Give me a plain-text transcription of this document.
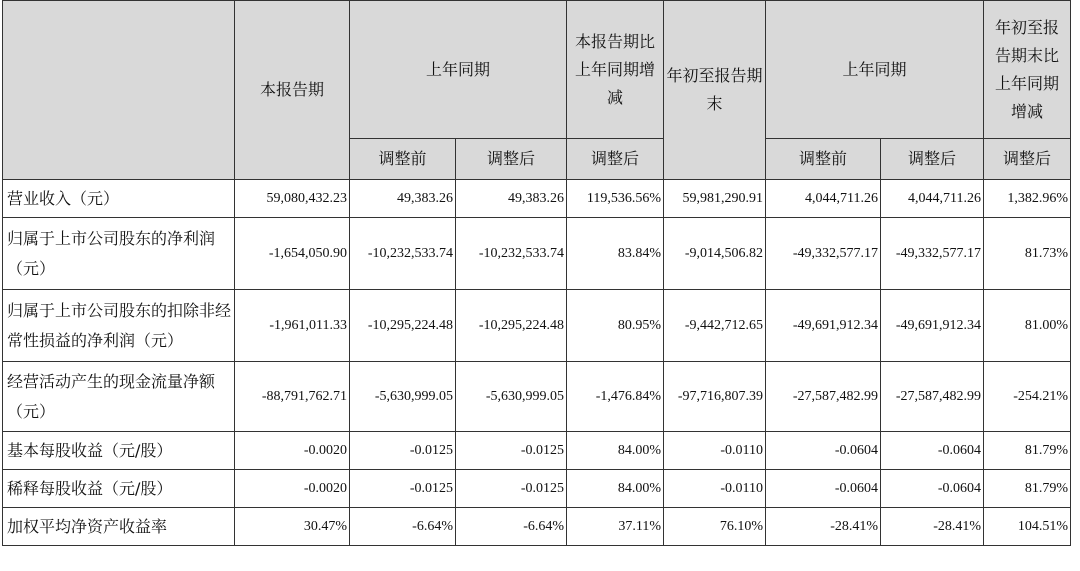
	本报告期	上年同期		本报告期比上年同期增减	年初至报告期末	上年同期		年初至报告期末比上年同期增减
		调整前	调整后	调整后		调整前	调整后	调整后
营业收入（元）	59,080,432.23	49,383.26	49,383.26	119,536.56%	59,981,290.91	4,044,711.26	4,044,711.26	1,382.96%
归属于上市公司股东的净利润（元）	-1,654,050.90	-10,232,533.74	-10,232,533.74	83.84%	-9,014,506.82	-49,332,577.17	-49,332,577.17	81.73%
归属于上市公司股东的扣除非经常性损益的净利润（元）	-1,961,011.33	-10,295,224.48	-10,295,224.48	80.95%	-9,442,712.65	-49,691,912.34	-49,691,912.34	81.00%
经营活动产生的现金流量净额（元）	-88,791,762.71	-5,630,999.05	-5,630,999.05	-1,476.84%	-97,716,807.39	-27,587,482.99	-27,587,482.99	-254.21%
基本每股收益（元/股）	-0.0020	-0.0125	-0.0125	84.00%	-0.0110	-0.0604	-0.0604	81.79%
稀释每股收益（元/股）	-0.0020	-0.0125	-0.0125	84.00%	-0.0110	-0.0604	-0.0604	81.79%
加权平均净资产收益率	30.47%	-6.64%	-6.64%	37.11%	76.10%	-28.41%	-28.41%	104.51%
